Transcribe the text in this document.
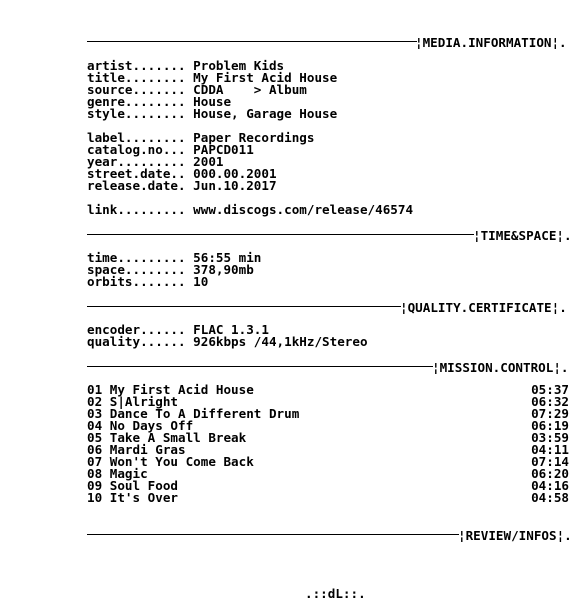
¦MEDIA.INFORMATION¦.
artist....... Problem Kids
title........ My First Acid House
source....... CDDA    > Album
genre........ House
style........ House, Garage House
label........ Paper Recordings
catalog.no... PAPCD011
year......... 2001
street.date.. 000.00.2001
release.date. Jun.10.2017
link......... www.discogs.com/release/46574
¦TIME&SPACE¦.
time......... 56:55 min
space........ 378,90mb
orbits....... 10
¦QUALITY.CERTIFICATE¦.
encoder...... FLAC 1.3.1
quality...... 926kbps /44,1kHz/Stereo
¦MISSION.CONTROL¦.
01 My First Acid House	05:37
02 S|Alright	06:32
03 Dance To A Different Drum	07:29
04 No Days Off	06:19
05 Take A Small Break	03:59
06 Mardi Gras	04:11
07 Won't You Come Back	07:14
08 Magic	06:20
09 Soul Food	04:16
10 It's Over	04:58
¦REVIEW/INFOS¦.
.::dL::.
